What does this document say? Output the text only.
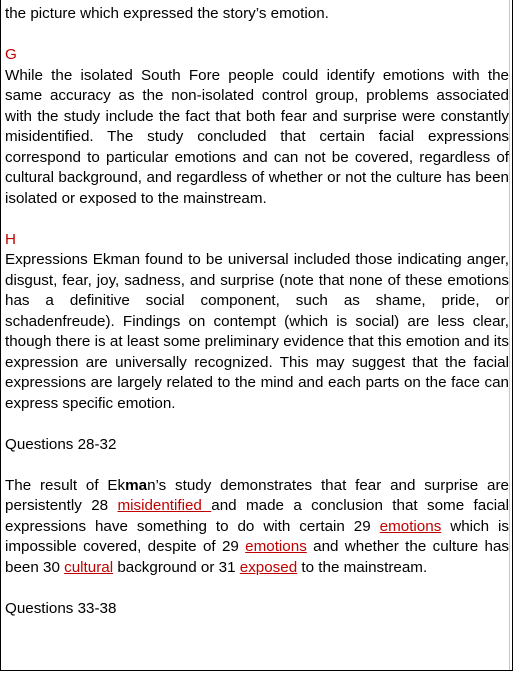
the picture which expressed the story’s emotion.

G

While the isolated South Fore people could identify emotions with the same accuracy as the non-isolated control group, problems associated with the study include the fact that both fear and surprise were constantly misidentified. The study concluded that certain facial expressions correspond to particular emotions and can not be covered, regardless of cultural background, and regardless of whether or not the culture has been isolated or exposed to the mainstream.

H

Expressions Ekman found to be universal included those indicating anger, disgust, fear, joy, sadness, and surprise (note that none of these emotions has a definitive social component, such as shame, pride, or schadenfreude). Findings on contempt (which is social) are less clear, though there is at least some preliminary evidence that this emotion and its expression are universally recognized. This may suggest that the facial expressions are largely related to the mind and each parts on the face can express specific emotion.

Questions 28-32

The result of Ekman’s study demonstrates that fear and surprise are persistently 28 misidentified and made a conclusion that some facial expressions have something to do with certain 29 emotions which is impossible covered, despite of 29 emotions and whether the culture has been 30 cultural background or 31 exposed to the mainstream.

Questions 33-38
